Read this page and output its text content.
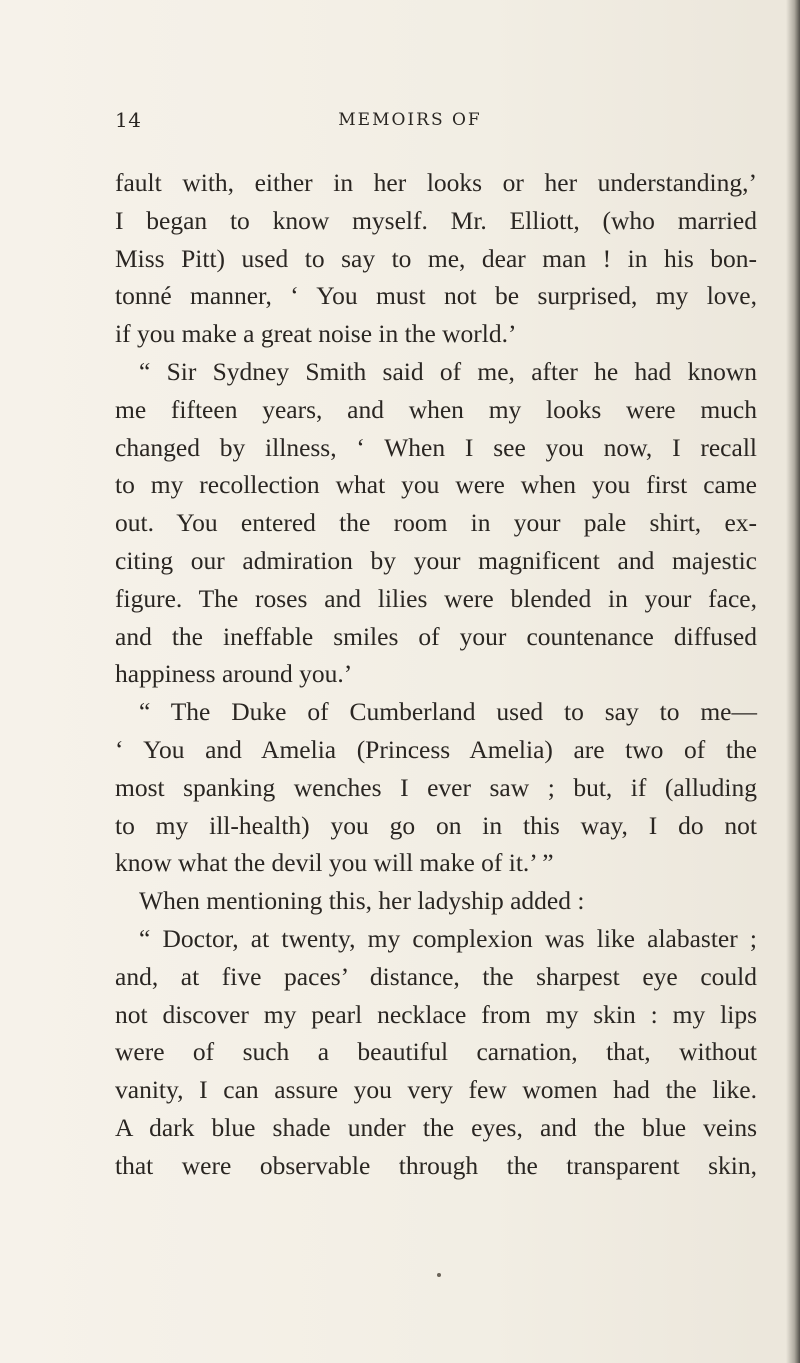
14	MEMOIRS OF
fault with, either in her looks or her understanding,’
I began to know myself. Mr. Elliott, (who married
Miss Pitt) used to say to me, dear man ! in his bon-
tonné manner, ‘ You must not be surprised, my love,
if you make a great noise in the world.’
“ Sir Sydney Smith said of me, after he had known
me fifteen years, and when my looks were much
changed by illness, ‘ When I see you now, I recall
to my recollection what you were when you first came
out. You entered the room in your pale shirt, ex-
citing our admiration by your magnificent and majestic
figure. The roses and lilies were blended in your face,
and the ineffable smiles of your countenance diffused
happiness around you.’
“ The Duke of Cumberland used to say to me—
‘ You and Amelia (Princess Amelia) are two of the
most spanking wenches I ever saw ; but, if (alluding
to my ill-health) you go on in this way, I do not
know what the devil you will make of it.’ ”
When mentioning this, her ladyship added :
“ Doctor, at twenty, my complexion was like alabaster ;
and, at five paces’ distance, the sharpest eye could
not discover my pearl necklace from my skin : my lips
were of such a beautiful carnation, that, without
vanity, I can assure you very few women had the like.
A dark blue shade under the eyes, and the blue veins
that were observable through the transparent skin,
